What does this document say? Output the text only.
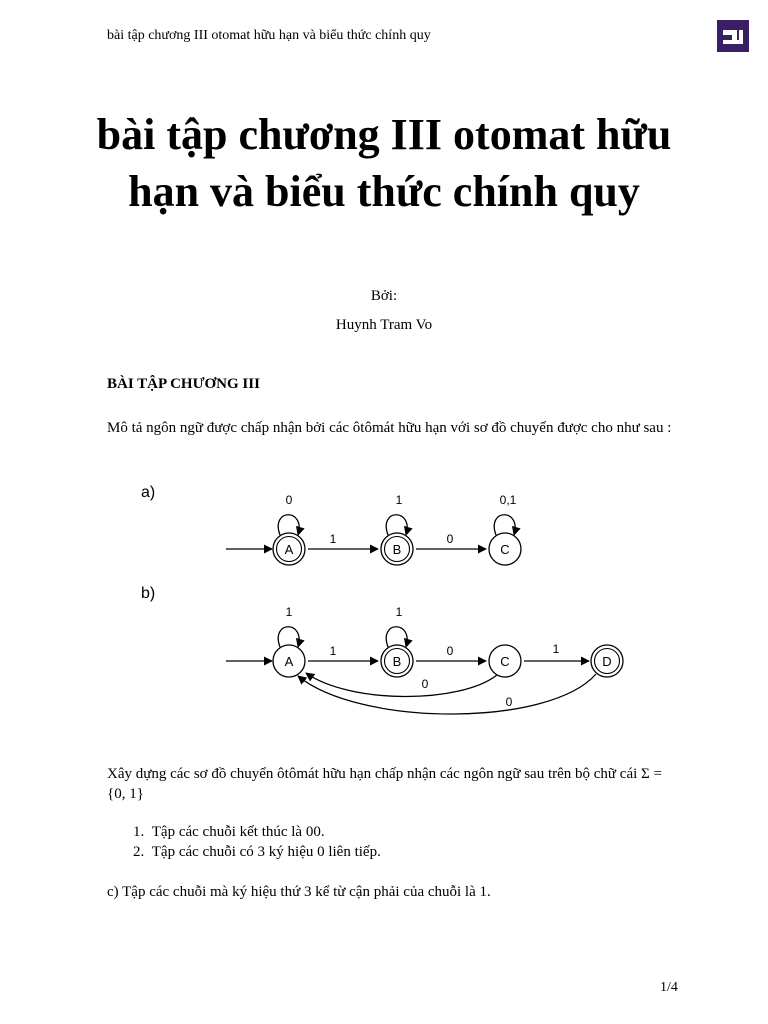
bài tập chương III otomat hữu hạn và biểu thức chính quy
bài tập chương III otomat hữu hạn và biểu thức chính quy
Bởi:
Huynh Tram Vo
BÀI TẬP CHƯƠNG III

Mô tả ngôn ngữ được chấp nhận bởi các ôtômát hữu hạn với sơ đồ chuyển được cho như sau :

a)
A	B	C
0
1
1
0
0,1
b)
A	B	C	D
1
1
1
0	1
0
0

Xây dựng các sơ đồ chuyển ôtômát hữu hạn chấp nhận các ngôn ngữ sau trên bộ chữ cái Σ = {0, 1}

1. Tập các chuỗi kết thúc là 00.
2. Tập các chuỗi có 3 ký hiệu 0 liên tiếp.

c) Tập các chuỗi mà ký hiệu thứ 3 kể từ cận phải của chuỗi là 1.

1/4
